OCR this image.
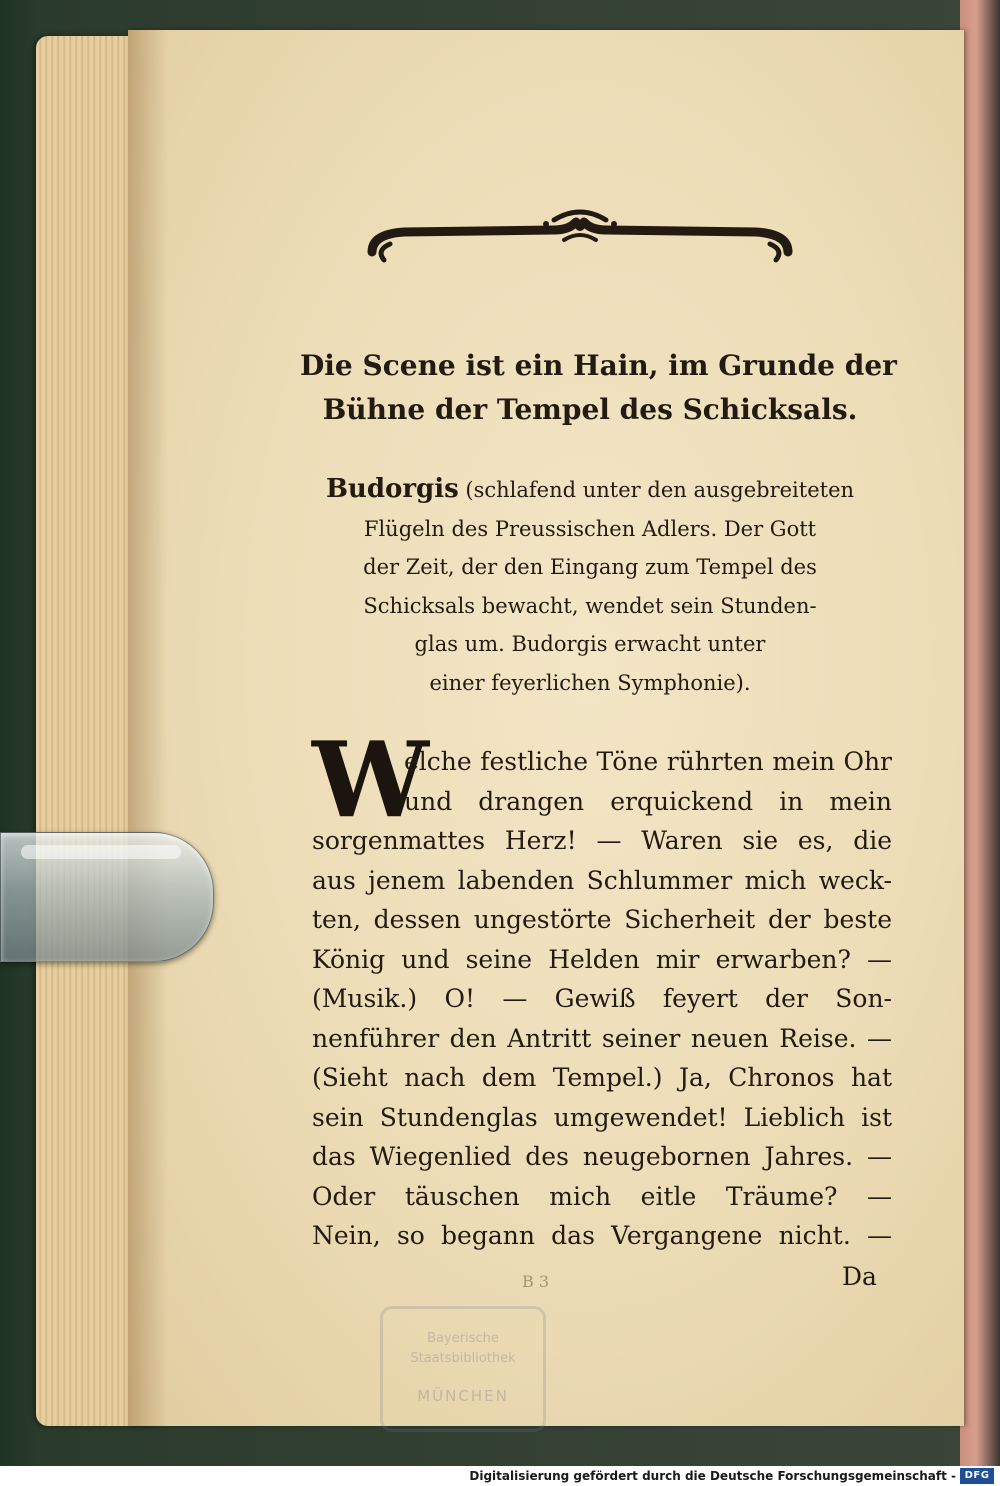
Die Scene ist ein Hain, im Grunde der
Bühne der Tempel des Schicksals.
Budorgis (schlafend unter den ausgebreiteten
Flügeln des Preussischen Adlers. Der Gott
der Zeit, der den Eingang zum Tempel des
Schicksals bewacht, wendet sein Stunden-
glas um. Budorgis erwacht unter
einer feyerlichen Symphonie).
W
elche festliche Töne rührten mein Ohr
und drangen erquickend in mein
sorgenmattes Herz! — Waren sie es, die
aus jenem labenden Schlummer mich weck-
ten, dessen ungestörte Sicherheit der beste
König und seine Helden mir erwarben? —
(Musik.) O! — Gewiß feyert der Son-
nenführer den Antritt seiner neuen Reise. —
(Sieht nach dem Tempel.) Ja, Chronos hat
sein Stundenglas umgewendet! Lieblich ist
das Wiegenlied des neugebornen Jahres. —
Oder täuschen mich eitle Träume? —
Nein, so begann das Vergangene nicht. —
B 3	Da
Bayerische
Staatsbibliothek
MÜNCHEN
Digitalisierung gefördert durch die Deutsche Forschungsgemeinschaft - DFG
